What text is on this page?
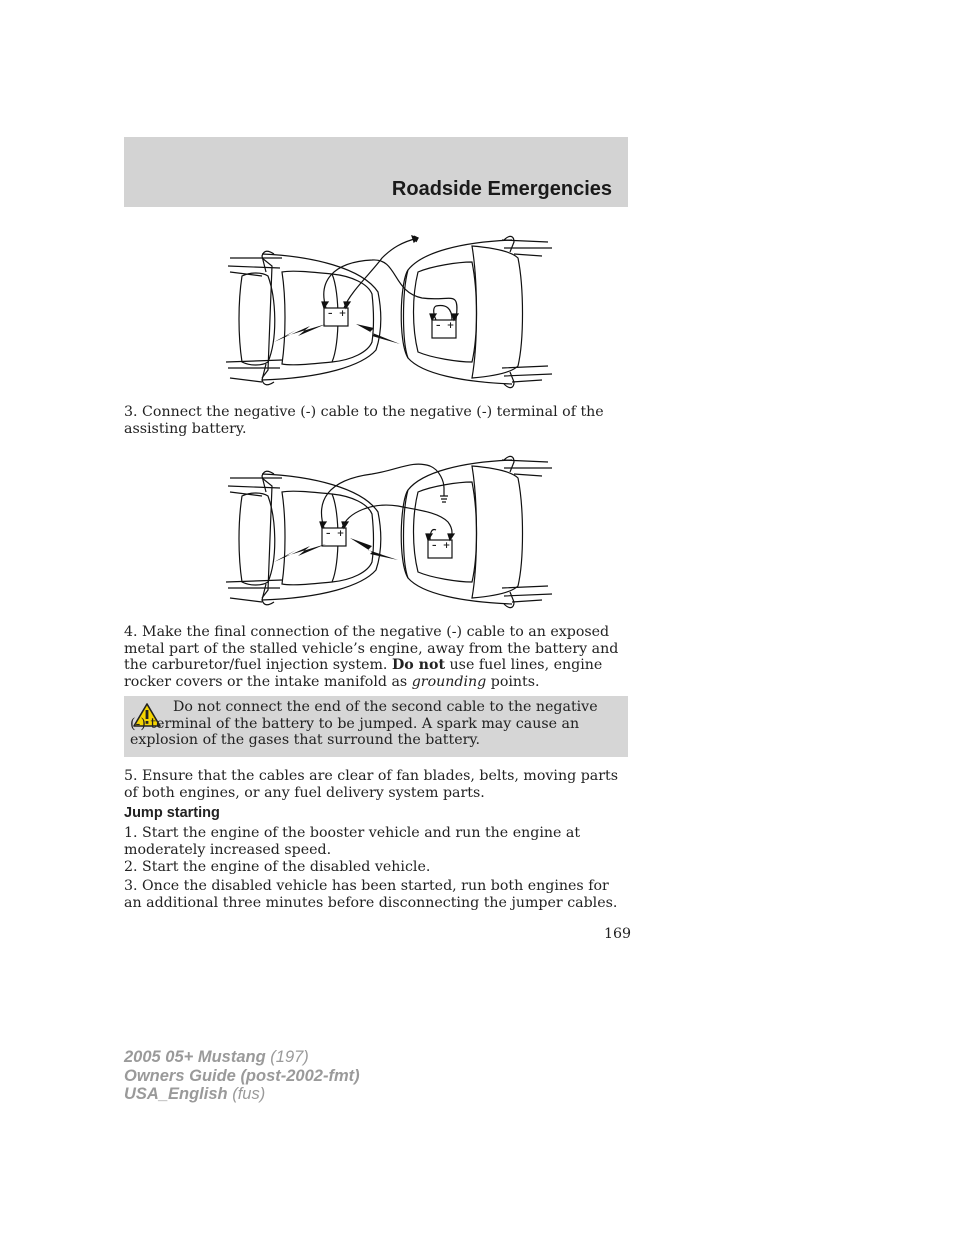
Roadside Emergencies
– +
– +

3. Connect the negative (-) cable to the negative (-) terminal of the assisting battery.

– +
– +

4. Make the final connection of the negative (-) cable to an exposed metal part of the stalled vehicle’s engine, away from the battery and the carburetor/fuel injection system. Do not use fuel lines, engine rocker covers or the intake manifold as grounding points.

Do not connect the end of the second cable to the negative (-) terminal of the battery to be jumped. A spark may cause an explosion of the gases that surround the battery.

5. Ensure that the cables are clear of fan blades, belts, moving parts of both engines, or any fuel delivery system parts.

Jump starting

1. Start the engine of the booster vehicle and run the engine at moderately increased speed.

2. Start the engine of the disabled vehicle.

3. Once the disabled vehicle has been started, run both engines for an additional three minutes before disconnecting the jumper cables.

169
2005 05+ Mustang (197)
Owners Guide (post-2002-fmt)
USA_English (fus)
